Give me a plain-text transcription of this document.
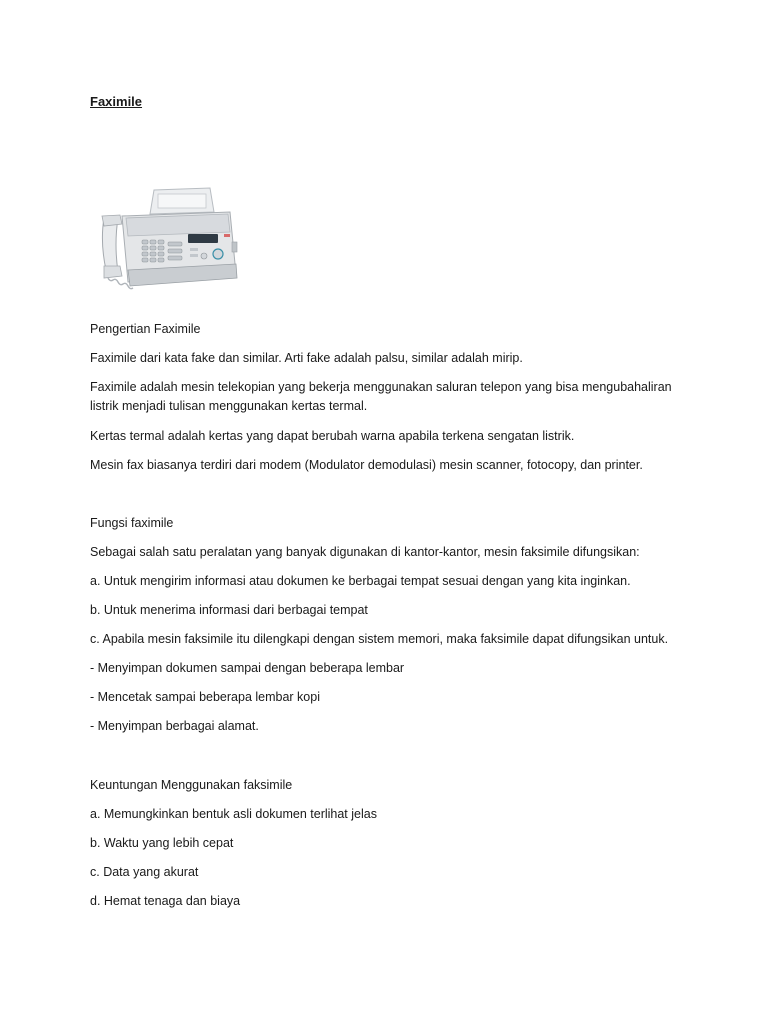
Faximile
Pengertian Faximile
Faximile dari kata fake dan similar. Arti fake adalah palsu, similar adalah mirip.
Faximile adalah mesin telekopian yang bekerja menggunakan saluran telepon yang bisa mengubahaliran listrik menjadi tulisan menggunakan kertas termal.
Kertas termal adalah kertas yang dapat berubah warna apabila terkena sengatan listrik.
Mesin fax biasanya terdiri dari modem (Modulator demodulasi) mesin scanner, fotocopy, dan printer.
Fungsi faximile
Sebagai salah satu peralatan yang banyak digunakan di kantor-kantor, mesin faksimile difungsikan:
a. Untuk mengirim informasi atau dokumen ke berbagai tempat sesuai dengan yang kita inginkan.
b. Untuk menerima informasi dari berbagai tempat
c. Apabila mesin faksimile itu dilengkapi dengan sistem memori, maka faksimile dapat difungsikan untuk.
- Menyimpan dokumen sampai dengan beberapa lembar
- Mencetak sampai beberapa lembar kopi
- Menyimpan berbagai alamat.
Keuntungan Menggunakan faksimile
a. Memungkinkan bentuk asli dokumen terlihat jelas
b. Waktu yang lebih cepat
c. Data yang akurat
d. Hemat tenaga dan biaya
